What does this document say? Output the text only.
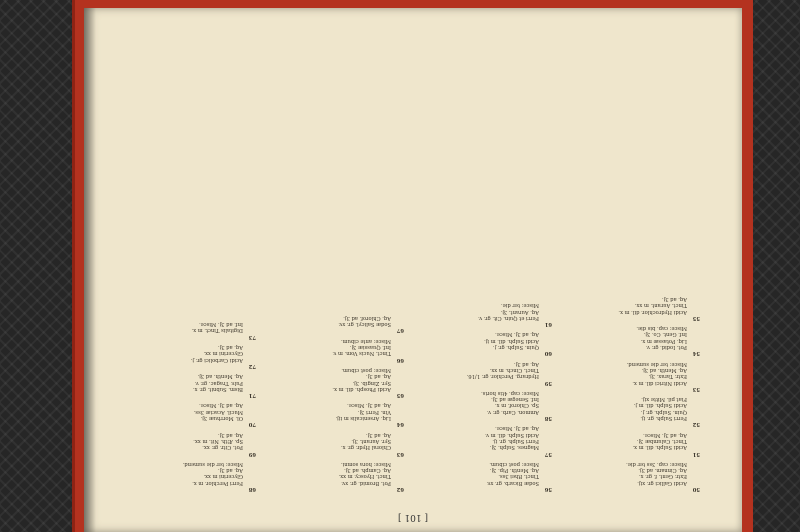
[ 101 ]
50
Acidi Gallici gr. xij.
Extr. Gent. f. gr. x.
Aq. Cinnam. ad 3j.
Misce: cap. 3ss ter die.
51
Acidi Sulph. dil. m x.
Tinct. Calumbæ 3j.
Aq. ad 3j. Misce.
52
Ferri Sulph. gr. ij.
Quin. Sulph. gr. j.
Acidi Sulph. dil. m j.
Fiat pil. Mitte xij.
53
Acidi Nitrici dil. m x.
Extr. Tarax. 3j.
Aq. Menth. ad 3j.
Misce: ter die sumend.
54
Pot. Iodid. gr. v.
Liq. Potassæ m x.
Inf. Gent. Co. 3j.
Misce: cap. bis die.
55
Acidi Hydrochlor. dil. m x.
Tinct. Aurant. m xx.
Aq. ad 3j.
56
Sodæ Bicarb. gr. xv.
Tinct. Rhei 3ss.
Aq. Menth. Pip. 3j.
Misce: post cibum.
57
Magnes. Sulph. 3j.
Ferri Sulph. gr. ij.
Acidi Sulph. dil. m v.
Aq. ad 3j. Misce.
58
Ammon. Carb. gr. v.
Sp. Chlorof. m x.
Inf. Senegæ ad 3j.
Misce: cap. 4tis horis.
59
Hydrarg. Perchlor. gr. 1/16.
Tinct. Cinch. m xx.
Aq. ad 3j.
60
Quin. Sulph. gr. j.
Acidi Sulph. dil. m ij.
Aq. ad 3j. Misce.
61
Ferri et Quin. Cit. gr. v.
Aq. Aurant. 3j.
Misce: ter die.
62
Pot. Bromid. gr. xv.
Tinct. Hyoscy. m xx.
Aq. Camph. ad 3j.
Misce: hora somni.
63
Chloral Hydr. gr. x.
Syr. Aurant. 3j.
Aq. ad 3j.
64
Liq. Arsenicalis m iij.
Vin. Ferri 3j.
Aq. ad 3j. Misce.
65
Acidi Phosph. dil. m x.
Syr. Zingib. 3j.
Aq. ad 3j.
Misce: post cibum.
66
Tinct. Nucis Vom. m v.
Inf. Quassiæ 3j.
Misce: ante cibum.
67
Sodæ Salicyl. gr. xv.
Aq. Chlorof. ad 3j.
68
Ferri Perchlor. m x.
Glycerini m xx.
Aq. ad 3j.
Misce: ter die sumend.
69
Pot. Citr. gr. xx.
Sp. Æth. Nit. m xx.
Aq. ad 3j.
70
Ol. Morrhuæ 3j.
Mucil. Acaciæ 3ss.
Aq. ad 3j. Misce.
71
Bism. Subnit. gr. x.
Pulv. Tragac. gr. v.
Aq. Menth. ad 3j.
72
Acidi Carbolici gr. j.
Glycerini m xx.
Aq. ad 3j.
73
Digitalis Tinct. m x.
Inf. ad 3j. Misce.
